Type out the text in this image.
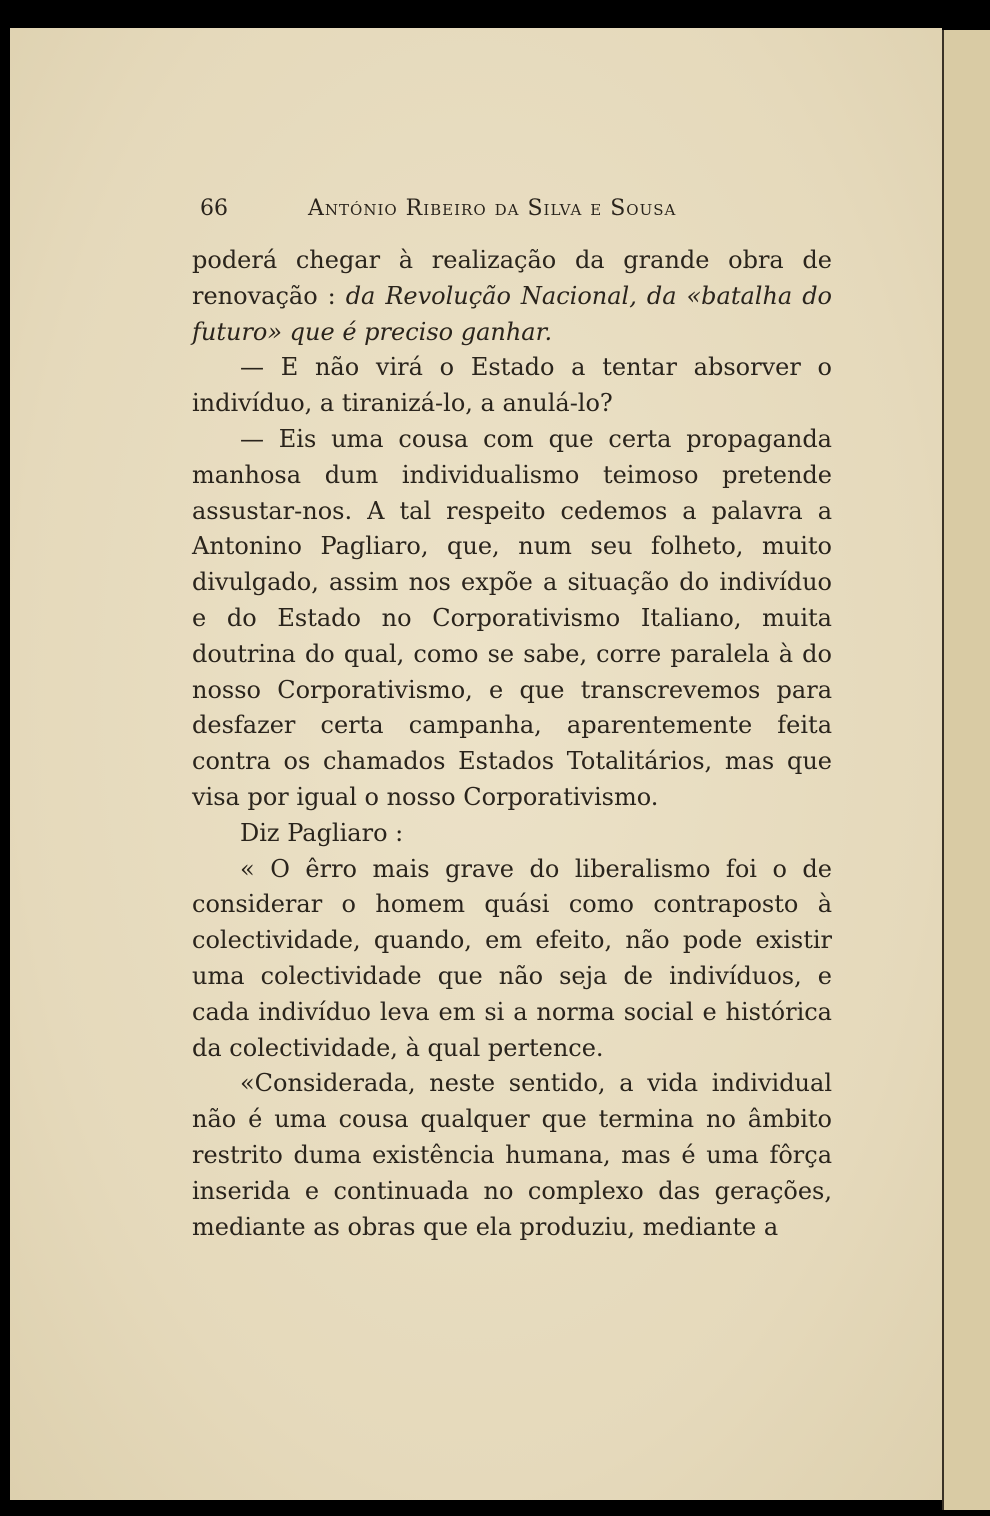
66	António Ribeiro da Silva e Sousa

poderá chegar à realização da grande obra de renovação : da Revolução Nacional, da «batalha do futuro» que é preciso ganhar.

— E não virá o Estado a tentar absorver o indivíduo, a tiranizá-lo, a anulá-lo?

— Eis uma cousa com que certa propaganda manhosa dum individualismo teimoso pretende assustar-nos. A tal respeito cedemos a palavra a Antonino Pagliaro, que, num seu folheto, muito divulgado, assim nos expõe a situação do indivíduo e do Estado no Corporativismo Italiano, muita doutrina do qual, como se sabe, corre paralela à do nosso Corporativismo, e que transcrevemos para desfazer certa campanha, aparentemente feita contra os chamados Estados Totalitários, mas que visa por igual o nosso Corporativismo.

Diz Pagliaro :

« O êrro mais grave do liberalismo foi o de considerar o homem quási como contraposto à colectividade, quando, em efeito, não pode existir uma colectividade que não seja de indivíduos, e cada indivíduo leva em si a norma social e histórica da colectividade, à qual pertence.

«Considerada, neste sentido, a vida individual não é uma cousa qualquer que termina no âmbito restrito duma existência humana, mas é uma fôrça inserida e continuada no complexo das gerações, mediante as obras que ela produziu, mediante a
